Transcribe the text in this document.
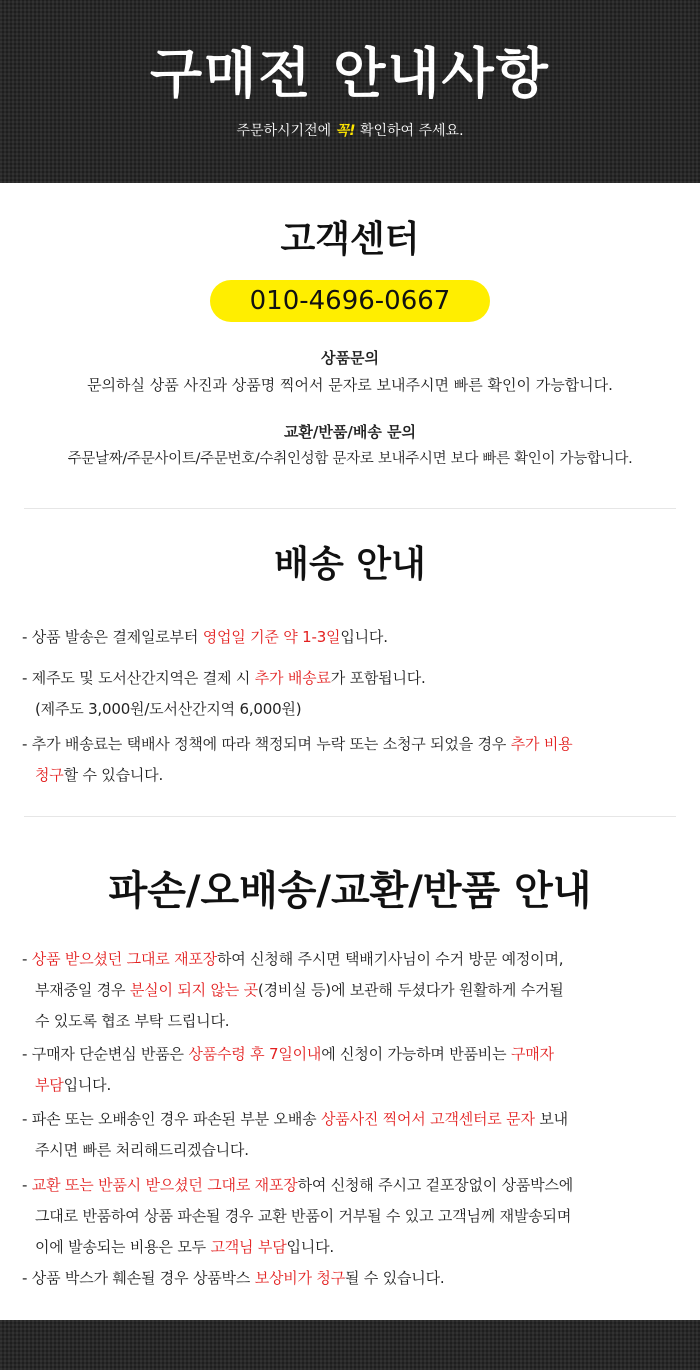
구매전 안내사항
주문하시기전에 꼭! 확인하여 주세요.
고객센터
010-4696-0667
상품문의
문의하실 상품 사진과 상품명 찍어서 문자로 보내주시면 빠른 확인이 가능합니다.
교환/반품/배송 문의
주문날짜/주문사이트/주문번호/수취인성함 문자로 보내주시면 보다 빠른 확인이 가능합니다.
배송 안내
- 상품 발송은 결제일로부터 영업일 기준 약 1-3일입니다.
- 제주도 및 도서산간지역은 결제 시 추가 배송료가 포함됩니다.
(제주도 3,000원/도서산간지역 6,000원)
- 추가 배송료는 택배사 정책에 따라 책정되며 누락 또는 소청구 되었을 경우 추가 비용
청구할 수 있습니다.
파손/오배송/교환/반품 안내
- 상품 받으셨던 그대로 재포장하여 신청해 주시면 택배기사님이 수거 방문 예정이며,
부재중일 경우 분실이 되지 않는 곳(경비실 등)에 보관해 두셨다가 원활하게 수거될
수 있도록 협조 부탁 드립니다.
- 구매자 단순변심 반품은 상품수령 후 7일이내에 신청이 가능하며 반품비는 구매자
부담입니다.
- 파손 또는 오배송인 경우 파손된 부분 오배송 상품사진 찍어서 고객센터로 문자 보내
주시면 빠른 처리해드리겠습니다.
- 교환 또는 반품시 받으셨던 그대로 재포장하여 신청해 주시고 겉포장없이 상품박스에
그대로 반품하여 상품 파손될 경우 교환 반품이 거부될 수 있고 고객님께 재발송되며
이에 발송되는 비용은 모두 고객님 부담입니다.
- 상품 박스가 훼손될 경우 상품박스 보상비가 청구될 수 있습니다.
